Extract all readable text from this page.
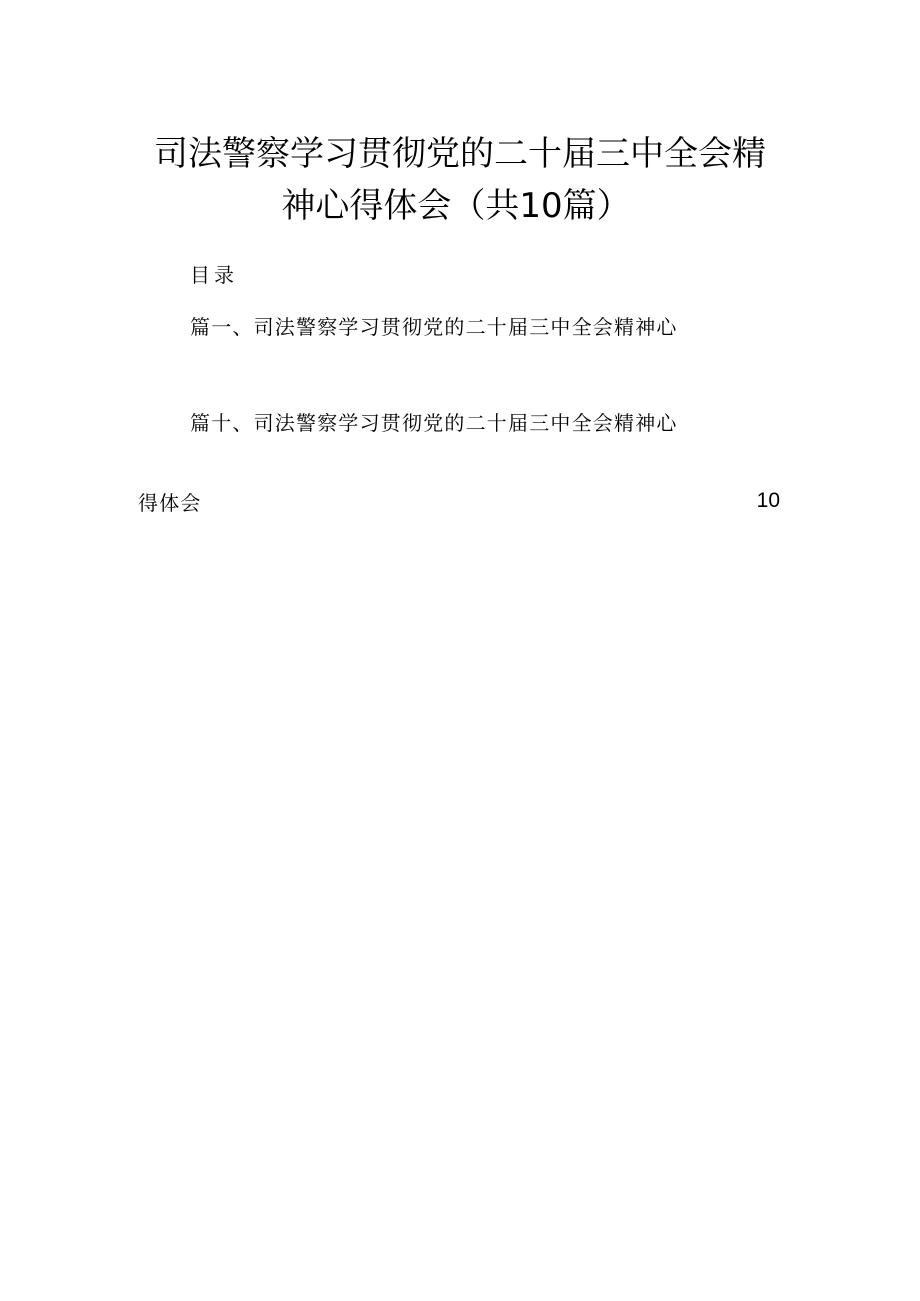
司法警察学习贯彻党的二十届三中全会精
神心得体会（共10篇）
目录
篇一、司法警察学习贯彻党的二十届三中全会精神心
篇十、司法警察学习贯彻党的二十届三中全会精神心
得体会	10
